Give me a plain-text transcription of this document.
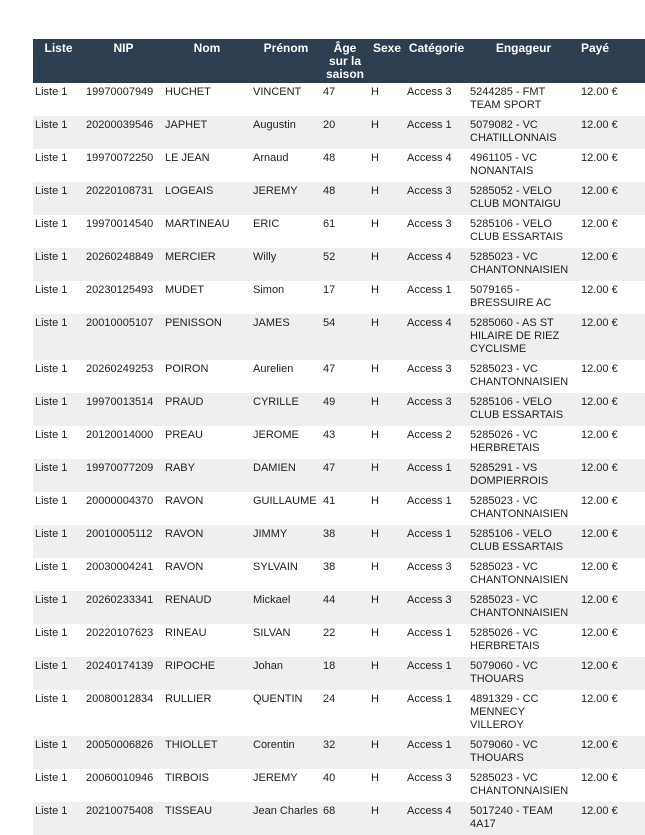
Liste	NIP	Nom	Prénom	Âge sur la saison	Sexe	Catégorie	Engageur	Payé
Liste 1	19970007949	HUCHET	VINCENT	47	H	Access 3	5244285 - FMT TEAM SPORT	12.00 €
Liste 1	20200039546	JAPHET	Augustin	20	H	Access 1	5079082 - VC CHATILLONNAIS	12.00 €
Liste 1	19970072250	LE JEAN	Arnaud	48	H	Access 4	4961105 - VC NONANTAIS	12.00 €
Liste 1	20220108731	LOGEAIS	JEREMY	48	H	Access 3	5285052 - VELO CLUB MONTAIGU	12.00 €
Liste 1	19970014540	MARTINEAU	ERIC	61	H	Access 3	5285106 - VELO CLUB ESSARTAIS	12.00 €
Liste 1	20260248849	MERCIER	Willy	52	H	Access 4	5285023 - VC CHANTONNAISIEN	12.00 €
Liste 1	20230125493	MUDET	Simon	17	H	Access 1	5079165 - BRESSUIRE AC	12.00 €
Liste 1	20010005107	PENISSON	JAMES	54	H	Access 4	5285060 - AS ST HILAIRE DE RIEZ CYCLISME	12.00 €
Liste 1	20260249253	POIRON	Aurelien	47	H	Access 3	5285023 - VC CHANTONNAISIEN	12.00 €
Liste 1	19970013514	PRAUD	CYRILLE	49	H	Access 3	5285106 - VELO CLUB ESSARTAIS	12.00 €
Liste 1	20120014000	PREAU	JEROME	43	H	Access 2	5285026 - VC HERBRETAIS	12.00 €
Liste 1	19970077209	RABY	DAMIEN	47	H	Access 1	5285291 - VS DOMPIERROIS	12.00 €
Liste 1	20000004370	RAVON	GUILLAUME	41	H	Access 1	5285023 - VC CHANTONNAISIEN	12.00 €
Liste 1	20010005112	RAVON	JIMMY	38	H	Access 1	5285106 - VELO CLUB ESSARTAIS	12.00 €
Liste 1	20030004241	RAVON	SYLVAIN	38	H	Access 3	5285023 - VC CHANTONNAISIEN	12.00 €
Liste 1	20260233341	RENAUD	Mickael	44	H	Access 3	5285023 - VC CHANTONNAISIEN	12.00 €
Liste 1	20220107623	RINEAU	SILVAN	22	H	Access 1	5285026 - VC HERBRETAIS	12.00 €
Liste 1	20240174139	RIPOCHE	Johan	18	H	Access 1	5079060 - VC THOUARS	12.00 €
Liste 1	20080012834	RULLIER	QUENTIN	24	H	Access 1	4891329 - CC MENNECY VILLEROY	12.00 €
Liste 1	20050006826	THIOLLET	Corentin	32	H	Access 1	5079060 - VC THOUARS	12.00 €
Liste 1	20060010946	TIRBOIS	JEREMY	40	H	Access 3	5285023 - VC CHANTONNAISIEN	12.00 €
Liste 1	20210075408	TISSEAU	Jean Charles	68	H	Access 4	5017240 - TEAM 4A17	12.00 €
